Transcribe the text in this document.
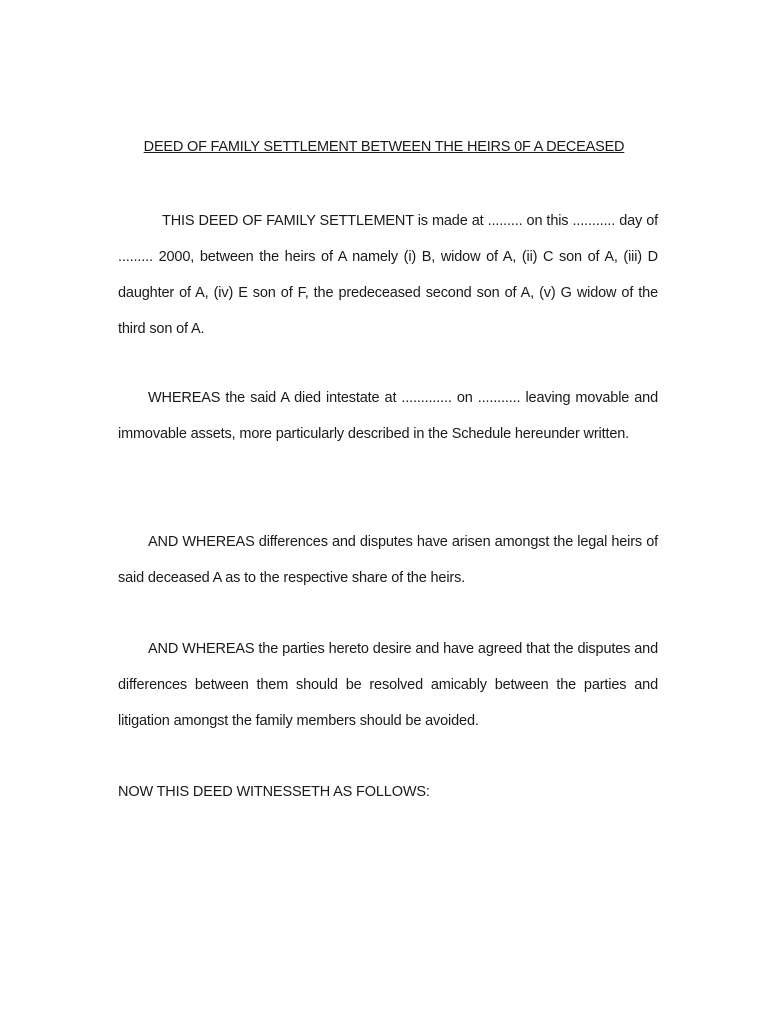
DEED OF FAMILY SETTLEMENT BETWEEN THE HEIRS 0F A DECEASED

THIS DEED OF FAMILY SETTLEMENT is made at ......... on this ........... day of ......... 2000, between the heirs of A namely (i) B, widow of A, (ii) C son of A, (iii) D daughter of A, (iv) E son of F, the predeceased second son of A, (v) G widow of the third son of A.

WHEREAS the said A died intestate at ............. on ........... leaving movable and immovable assets, more particularly described in the Schedule hereunder written.

AND WHEREAS differences and disputes have arisen amongst the legal heirs of said deceased A as to the respective share of the heirs.

AND WHEREAS the parties hereto desire and have agreed that the disputes and differences between them should be resolved amicably between the parties and litigation amongst the family members should be avoided.

NOW THIS DEED WITNESSETH AS FOLLOWS:
